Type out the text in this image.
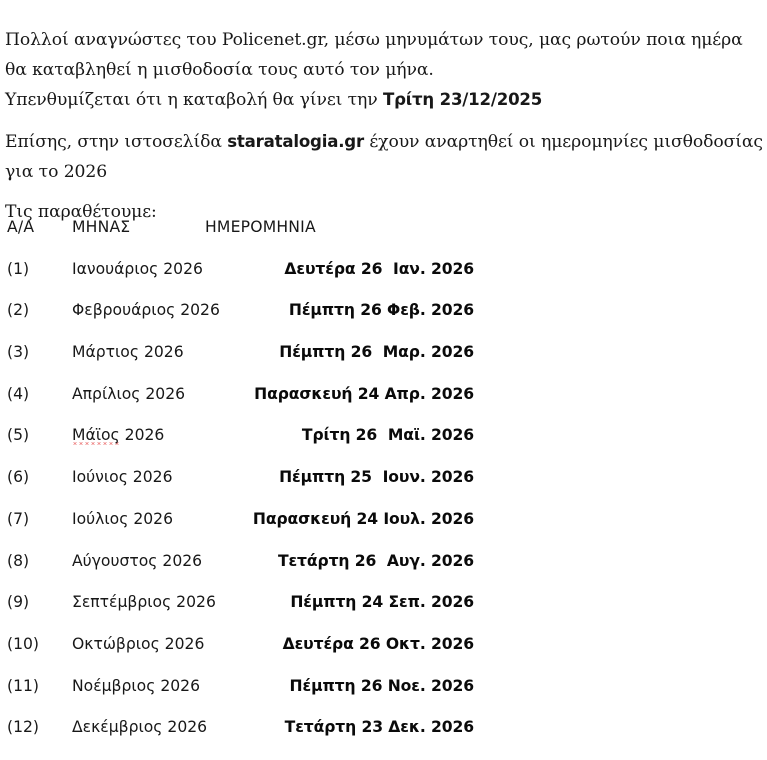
Πολλοί αναγνώστες του Policenet.gr, μέσω μηνυμάτων τους, μας ρωτούν ποια ημέρα θα καταβληθεί η μισθοδοσία τους αυτό τον μήνα.

Υπενθυμίζεται ότι η καταβολή θα γίνει την Τρίτη 23/12/2025

Επίσης, στην ιστοσελίδα staratalogia.gr έχουν αναρτηθεί οι ημερομηνίες μισθοδοσίας για το 2026

Τις παραθέτουμε:

Α/Α	ΜΗΝΑΣ	ΗΜΕΡΟΜΗΝΙΑ
(1)	Ιανουάριος 2026	Δευτέρα 26  Ιαν. 2026
(2)	Φεβρουάριος 2026	Πέμπτη 26 Φεβ. 2026
(3)	Μάρτιος 2026	Πέμπτη 26  Μαρ. 2026
(4)	Απρίλιος 2026	Παρασκευή 24 Απρ. 2026
(5)	Μάϊος 2026	Τρίτη 26  Μαϊ. 2026
(6)	Ιούνιος 2026	Πέμπτη 25  Ιουν. 2026
(7)	Ιούλιος 2026	Παρασκευή 24 Ιουλ. 2026
(8)	Αύγουστος 2026	Τετάρτη 26  Αυγ. 2026
(9)	Σεπτέμβριος 2026	Πέμπτη 24 Σεπ. 2026
(10)	Οκτώβριος 2026	Δευτέρα 26 Οκτ. 2026
(11)	Νοέμβριος 2026	Πέμπτη 26 Νοε. 2026
(12)	Δεκέμβριος 2026	Τετάρτη 23 Δεκ. 2026
